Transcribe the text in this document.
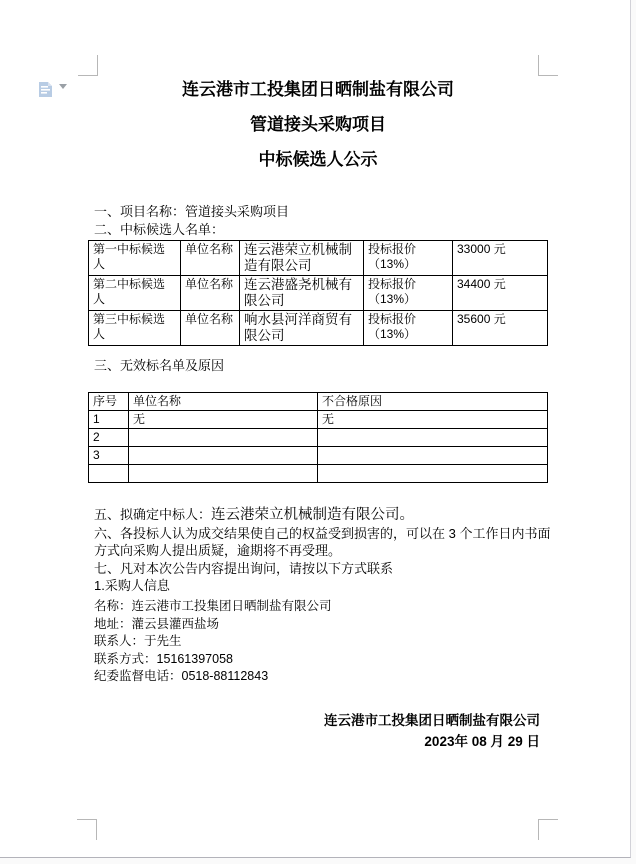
连云港市工投集团日晒制盐有限公司
管道接头采购项目
中标候选人公示
一、项目名称：管道接头采购项目
二、中标候选人名单：
第一中标候选人	单位名称	连云港荣立机械制造有限公司	投标报价（13%）	33000 元
第二中标候选人	单位名称	连云港盛尧机械有限公司	投标报价（13%）	34400 元
第三中标候选人	单位名称	响水县河洋商贸有限公司	投标报价（13%）	35600 元
三、无效标名单及原因
序号	单位名称	不合格原因
1	无	无
2		
3		

五、拟确定中标人：连云港荣立机械制造有限公司。
六、各投标人认为成交结果使自己的权益受到损害的，可以在 3 个工作日内书面方式向采购人提出质疑，逾期将不再受理。
七、凡对本次公告内容提出询问，请按以下方式联系
1.采购人信息
名称：连云港市工投集团日晒制盐有限公司
地址：灌云县灌西盐场
联系人：于先生
联系方式：15161397058
纪委监督电话：0518-88112843
连云港市工投集团日晒制盐有限公司
2023年 08 月 29 日
